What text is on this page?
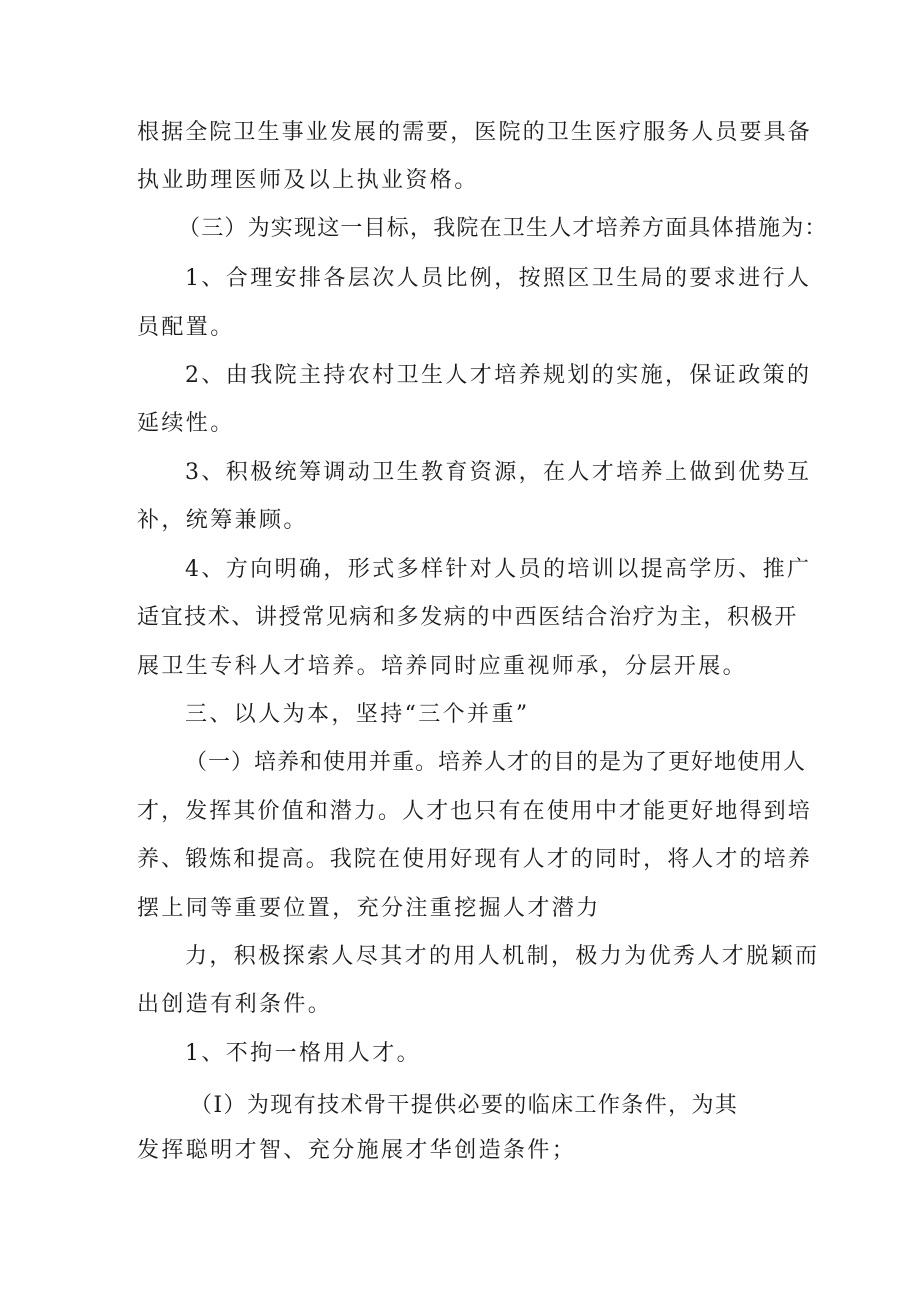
根据全院卫生事业发展的需要，医院的卫生医疗服务人员要具备
执业助理医师及以上执业资格。
（三）为实现这一目标，我院在卫生人才培养方面具体措施为：
1、合理安排各层次人员比例，按照区卫生局的要求进行人
员配置。
2、由我院主持农村卫生人才培养规划的实施，保证政策的
延续性。
3、积极统筹调动卫生教育资源，在人才培养上做到优势互
补，统筹兼顾。
4、方向明确，形式多样针对人员的培训以提高学历、推广
适宜技术、讲授常见病和多发病的中西医结合治疗为主，积极开
展卫生专科人才培养。培养同时应重视师承，分层开展。
三、以人为本，坚持“三个并重”
（一）培养和使用并重。培养人才的目的是为了更好地使用人
才，发挥其价值和潜力。人才也只有在使用中才能更好地得到培
养、锻炼和提高。我院在使用好现有人才的同时，将人才的培养
摆上同等重要位置，充分注重挖掘人才潜力
力，积极探索人尽其才的用人机制，极力为优秀人才脱颖而
出创造有利条件。
1、不拘一格用人才。
（I）为现有技术骨干提供必要的临床工作条件，为其
发挥聪明才智、充分施展才华创造条件；
